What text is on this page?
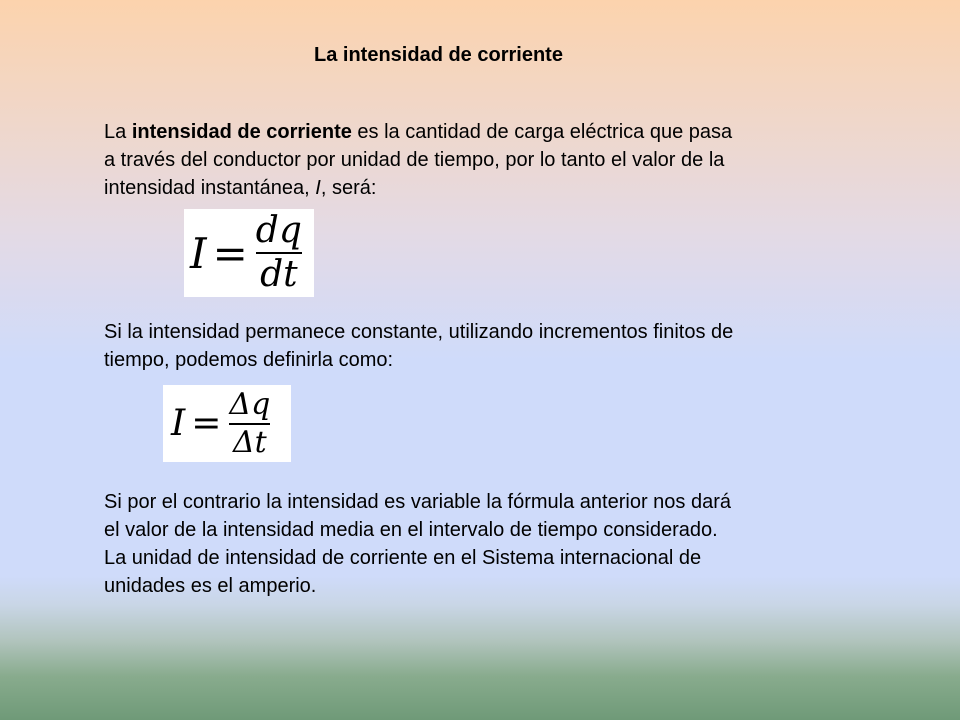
La intensidad de corriente
La intensidad de corriente es la cantidad de carga eléctrica que pasa
a través del conductor por unidad de tiempo, por lo tanto el valor de la
intensidad instantánea, I, será:
$I = \frac{dq}{dt}$
Si la intensidad permanece constante, utilizando incrementos finitos de
tiempo, podemos definirla como:
$I = \frac{\Delta q}{\Delta t}$
Si por el contrario la intensidad es variable la fórmula anterior nos dará
el valor de la intensidad media en el intervalo de tiempo considerado.
La unidad de intensidad de corriente en el Sistema internacional de
unidades es el amperio.
